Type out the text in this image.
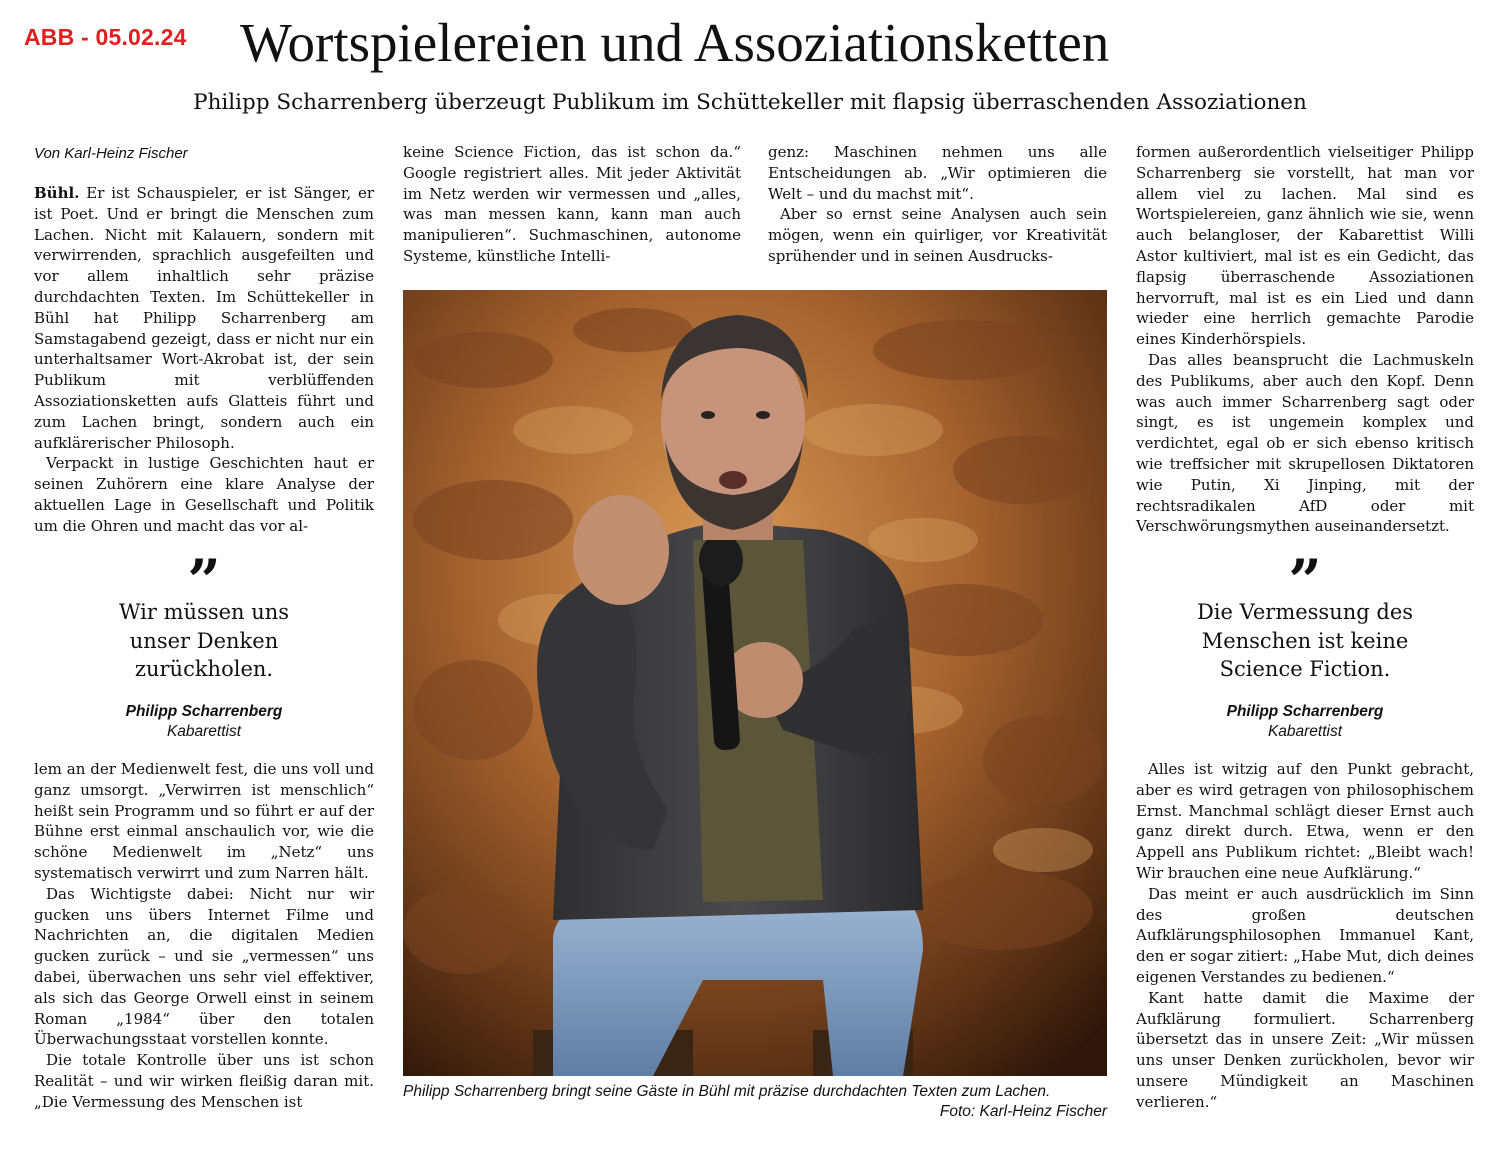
ABB - 05.02.24 Wortspielereien und Assoziationsketten
Philipp Scharrenberg überzeugt Publikum im Schüttekeller mit flapsig überraschenden Assoziationen
Von Karl-Heinz Fischer

Bühl. Er ist Schauspieler, er ist Sänger, er ist Poet. Und er bringt die Menschen zum Lachen. Nicht mit Kalauern, sondern mit verwirrenden, sprachlich ausgefeilten und vor allem inhaltlich sehr präzise durchdachten Texten. Im Schüttekeller in Bühl hat Philipp Scharrenberg am Samstagabend gezeigt, dass er nicht nur ein unterhaltsamer Wort-Akrobat ist, der sein Publikum mit verblüffenden Assoziationsketten aufs Glatteis führt und zum Lachen bringt, sondern auch ein aufklärerischer Philosoph.

Verpackt in lustige Geschichten haut er seinen Zuhörern eine klare Analyse der aktuellen Lage in Gesellschaft und Politik um die Ohren und macht das vor al-

”
Wir müssen uns unser Denken zurückholen.
Philipp Scharrenberg
Kabarettist

lem an der Medienwelt fest, die uns voll und ganz umsorgt. „Verwirren ist menschlich“ heißt sein Programm und so führt er auf der Bühne erst einmal anschaulich vor, wie die schöne Medienwelt im „Netz“ uns systematisch verwirrt und zum Narren hält.

Das Wichtigste dabei: Nicht nur wir gucken uns übers Internet Filme und Nachrichten an, die digitalen Medien gucken zurück – und sie „vermessen“ uns dabei, überwachen uns sehr viel effektiver, als sich das George Orwell einst in seinem Roman „1984“ über den totalen Überwachungsstaat vorstellen konnte.

Die totale Kontrolle über uns ist schon Realität – und wir wirken fleißig daran mit. „Die Vermessung des Menschen ist

keine Science Fiction, das ist schon da.“ Google registriert alles. Mit jeder Aktivität im Netz werden wir vermessen und „alles, was man messen kann, kann man auch manipulieren“. Suchmaschinen, autonome Systeme, künstliche Intelli-

genz: Maschinen nehmen uns alle Entscheidungen ab. „Wir optimieren die Welt – und du machst mit“.

Aber so ernst seine Analysen auch sein mögen, wenn ein quirliger, vor Kreativität sprühender und in seinen Ausdrucks-

Philipp Scharrenberg bringt seine Gäste in Bühl mit präzise durchdachten Texten zum Lachen.
Foto: Karl-Heinz Fischer

formen außerordentlich vielseitiger Philipp Scharrenberg sie vorstellt, hat man vor allem viel zu lachen. Mal sind es Wortspielereien, ganz ähnlich wie sie, wenn auch belangloser, der Kabarettist Willi Astor kultiviert, mal ist es ein Gedicht, das flapsig überraschende Assoziationen hervorruft, mal ist es ein Lied und dann wieder eine herrlich gemachte Parodie eines Kinderhörspiels.

Das alles beansprucht die Lachmuskeln des Publikums, aber auch den Kopf. Denn was auch immer Scharrenberg sagt oder singt, es ist ungemein komplex und verdichtet, egal ob er sich ebenso kritisch wie treffsicher mit skrupellosen Diktatoren wie Putin, Xi Jinping, mit der rechtsradikalen AfD oder mit Verschwörungsmythen auseinandersetzt.

”
Die Vermessung des Menschen ist keine Science Fiction.
Philipp Scharrenberg
Kabarettist

Alles ist witzig auf den Punkt gebracht, aber es wird getragen von philosophischem Ernst. Manchmal schlägt dieser Ernst auch ganz direkt durch. Etwa, wenn er den Appell ans Publikum richtet: „Bleibt wach! Wir brauchen eine neue Aufklärung.“

Das meint er auch ausdrücklich im Sinn des großen deutschen Aufklärungsphilosophen Immanuel Kant, den er sogar zitiert: „Habe Mut, dich deines eigenen Verstandes zu bedienen.“

Kant hatte damit die Maxime der Aufklärung formuliert. Scharrenberg übersetzt das in unsere Zeit: „Wir müssen uns unser Denken zurückholen, bevor wir unsere Mündigkeit an Maschinen verlieren.“
